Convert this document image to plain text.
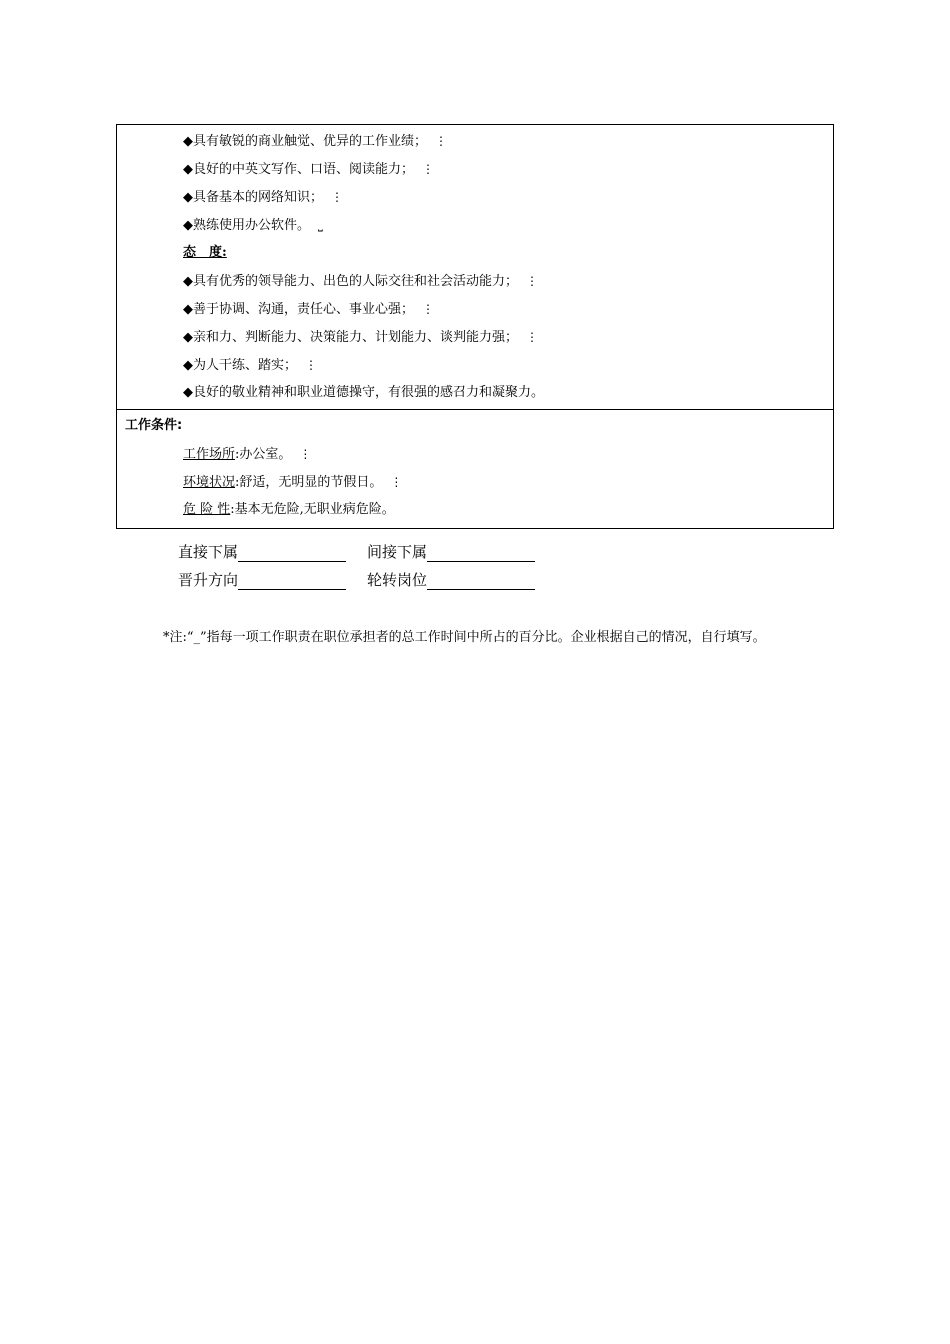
◆具有敏锐的商业触觉、优异的工作业绩； ⋮
◆良好的中英文写作、口语、阅读能力； ⋮
◆具备基本的网络知识； ⋮
◆熟练使用办公软件。 ⎵
态　度:
◆具有优秀的领导能力、出色的人际交往和社会活动能力； ⋮
◆善于协调、沟通，责任心、事业心强； ⋮
◆亲和力、判断能力、决策能力、计划能力、谈判能力强； ⋮
◆为人干练、踏实； ⋮
◆良好的敬业精神和职业道德操守，有很强的感召力和凝聚力。
工作条件:
工作场所:办公室。 ⋮
环境状况:舒适，无明显的节假日。 ⋮
危 险 性:基本无危险,无职业病危险。
直接下属	间接下属
晋升方向	轮转岗位
*注:“_”指每一项工作职责在职位承担者的总工作时间中所占的百分比。企业根据自己的情况，自行填写。
